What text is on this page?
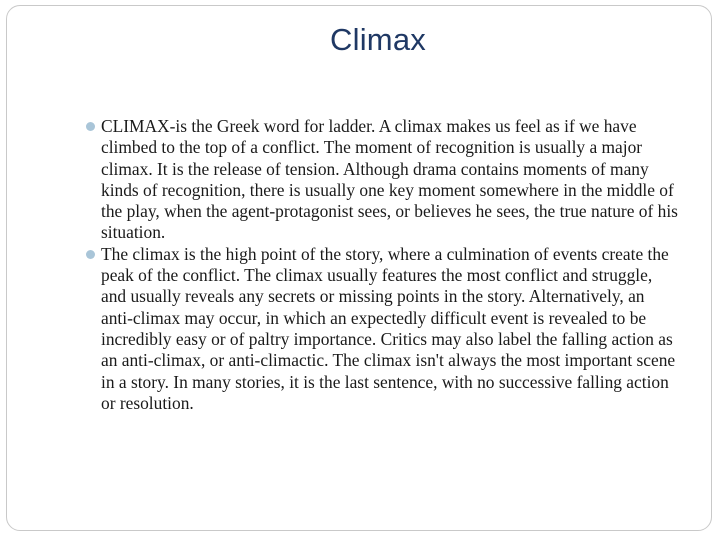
Climax
CLIMAX-is the Greek word for ladder. A climax makes us feel as if we have climbed to the top of a conflict. The moment of recognition is usually a major climax. It is the release of tension. Although drama contains moments of many kinds of recognition, there is usually one key moment somewhere in the middle of the play, when the agent-protagonist sees, or believes he sees, the true nature of his situation.
The climax is the high point of the story, where a culmination of events create the peak of the conflict. The climax usually features the most conflict and struggle, and usually reveals any secrets or missing points in the story. Alternatively, an anti-climax may occur, in which an expectedly difficult event is revealed to be incredibly easy or of paltry importance. Critics may also label the falling action as an anti-climax, or anti-climactic. The climax isn't always the most important scene in a story. In many stories, it is the last sentence, with no successive falling action or resolution.
